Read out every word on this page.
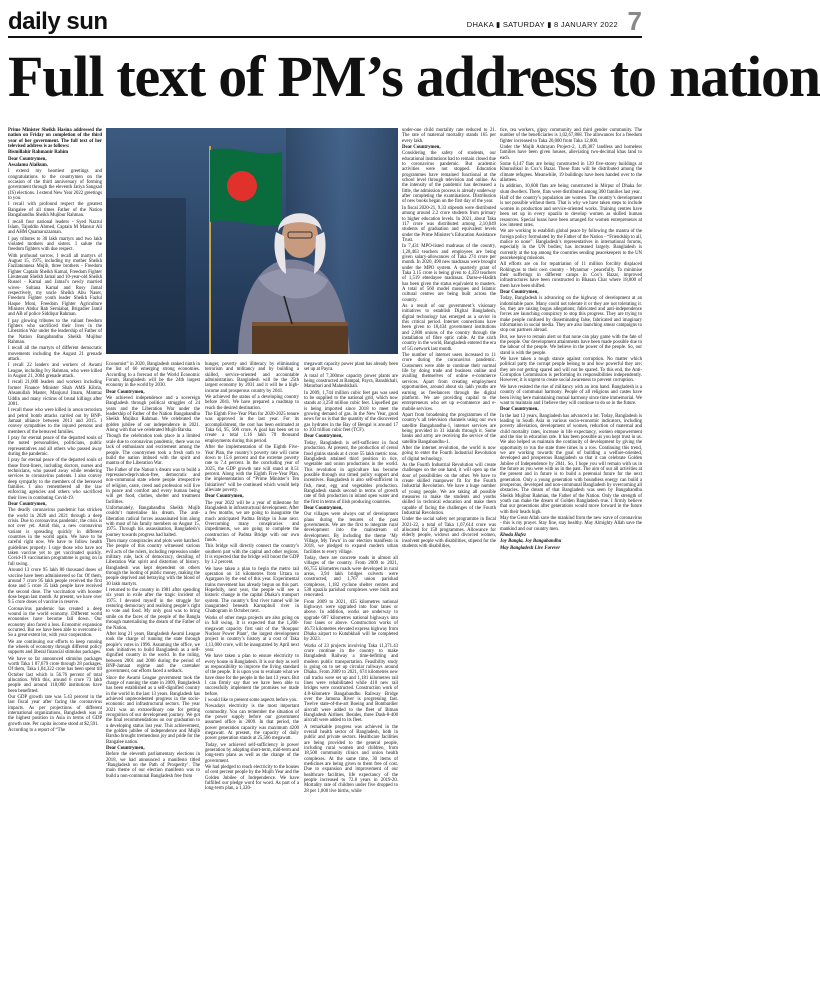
daily sun	DHAKA ▮ SATURDAY ▮ 8 JANUARY 2022 7
Full text of PM’s address to nation

Prime Minister Sheikh Hasina addressed the nation on Friday on completion of the third year of her government. The full text of her televised address is as follows:

Bismillahir Rahmanir Rahim

Dear Countrymen,

Assalamu Alaikum.

I extend my heartiest greetings and congratulations to the countrymen on the occasion of the third anniversary of forming government through the eleventh Jatiya Sangsad (JS) elections. I extend New Year 2022 greetings to you.

I recall with profound respect the greatest Bangalee of all times Father of the Nation Bangabandhu Sheikh Mujibur Rahman.

I recall four national leaders - Syed Nazrul Islam, Tajuddin Ahmed, Captain M Mansur Ali and AHM Quamaruzzaman.

I pay tributes to 30 lakh martyrs and two lakh violated mothers and sisters. I salute the freedom fighters with due respect.

With profound sorrow, I recall all martyrs of August 15, 1975, including my mother Sheikh Fazilatunnesa Mujib, three brothers - Freedom Fighter Captain Sheikh Kamal, Freedom Fighter Lieutenant Sheikh Jamal and 10-year-old Sheikh Russel - Kamal and Jamal’s newly married wives- Sultana Kamal and Rosy Jamal respectively, my uncle Sheikh Abu Naser, Freedom Fighter youth leader Sheikh Fazlul Haque Moni, Freedom Fighter Agriculture Minister Abdur Rab Serniabat, Brigadier Jamil and AB of police Siddiqur Rahman.

I pay glowing tributes to the valiant freedom fighters who sacrificed their lives in the Liberation War under the leadership of Father of the Nation Bangabandhu Sheikh Mujibur Rahman.

I recall all the martyrs of different democratic movements including the August 21 grenade attack.

I recall 22 leaders and workers of Awami League, including Ivy Rahman, who were killed in August 21, 2004 grenade attack.

I recall 21,000 leaders and workers including former Finance Minister Shah AMS Kibria, Ahsanullah Master, Manjurul Imam, Mamtaz Uddin and many victims of brutal killings after 2001.

I recall those who were killed in arson terrorism and petrol bomb attacks carried out by BNP-Jamaat alliance between 2013 and 2015. I convey sympathies to the injured persons and members of the bereaved families.

I pray for eternal peace of the departed souls of the noted personalities, politicians, public representatives and all others who passed away during the pandemic.

I pray for eternal peace of the departed souls of those front-liners, including doctors, nurses and technicians, who passed away while rendering services to coronavirus patients. I also convey deep sympathy to the members of the bereaved families. I also remembered all the law enforcing agencies and others who sacrificed their lives in combating Covid-19.

Dear Countrymen,

The deadly coronavirus pandemic has stricken the world in 2020 and 2021 through a deep crisis. Due to coronavirus pandemic, the crisis is not over yet. Amid this, a new coronavirus variant is spreading quickly in different countries in the world again. We have to be careful right now. We have to follow health guidelines properly. I urge those who have not taken vaccine yet to get vaccinated quickly. Covid-19 vaccination programme is going on in full swing.

Around 13 crore 95 lakh 80 thousand doses of vaccine have been administered so far. Of them, around 7 crore 95 lakh people received the first dose and 5 crore 35 lakh people have received the second dose. The vaccination with booster dose began last month. At present, we have over 9.5 crore doses of vaccine in reserve.

Coronavirus pandemic has created a deep wound in the world economy. Different world economies have become fall down. Our economy also faced a loss. Economic expansion occurred. But we have been able to overcome it. So a great extent lot, with your cooperation.

We are continuing our efforts to keep running the wheels of economy through different policy supports and liberal financial stimulus packages.

We have so far announced stimulus packages worth Taka 1 87,679 crore through 28 packages. Of them, Taka 1,04,322 crore has been spent till October last which is 56.76 percent of total allocation. With this, around 6 crore 73 lakh people and around 118,000 institutions have been benefitted.

Our GDP growth rate was 5.43 percent in the last fiscal year after facing the coronavirus impacts. As per projections of different international organizations, Bangladesh was at the highest position in Asia in terms of GDP growth rate. Per capita income stood at $2,591.

According to a report of “The

Economist” in 2020, Bangladesh ranked ninth in the list of 66 emerging strong economies. According to a forecast of the World Economic Forum, Bangladesh will be the 24th largest economy in the world by 2030.

Dear Countrymen,

We achieved independence and a sovereign Bangladesh through political struggles of 24 years and the Liberation War under the leadership of Father of the Nation Bangabandhu Sheikh Mujibur Rahman. We celebrated the golden jubilee of our independence in 2021. Along with that we celebrated Mujib Barsha.

Though the celebration took place in a limited scale due to coronavirus pandemic, there was no lack of enthusiasm and excitement among the people. The countrymen took a fresh oath to build the nation imbued with the spirit and mantra of the Liberation War.

The Father of the Nation’s dream was to build a repression-deprivation-free, democratic and non-communal state where people irrespective of religion, caste, creed and profession will live in peace and comfort and every human being will get food, clothes, shelter and treatment facilities.

Unfortunately, Bangabandhu Sheikh Mujib couldn’t materialise his dream. The anti-liberation radical forces assassinated him along with most of his family members on August 15, 1975. Through his assassination, Bangladesh’s journey towards progress had halted.

Then many conspiracies and plots were hatched. The people of this country witnessed various evil acts of the rulers, including repression under military rule, lack of democracy, derailing of Liberation War spirit and distortion of history. Bangladesh was kept dependent on others through the looting of public money, making the people deprived and betraying with the blood of 30 lakh martyrs.

I returned to the country in 1981 after spending six years in exile after the tragic incident of 1975. I devoted myself in the struggle for restoring democracy and realising people’s right to vote and food. My only goal was to bring smile on the faces of the people of the Bangla through materialising the dream of the Father of the Nation.

After long 21 years, Bangladesh Awami League took the charge of running the state through people’s votes in 1996. Assuming the office, we took initiatives to build Bangladesh as a self-dignified country in the world. In the ruling, between 2001 and 2006 during the period of BNP-Jamaat regime and the caretaker government, our efforts faced a setback.

Since the Awami League government took the charge of running the state in 2009, Bangladesh has been established as a self-dignified country in the world in the last 13 years. Bangladesh has achieved unprecedented progress in the socio-economic and infrastructural sectors. The year 2021 was an extraordinary one for getting recognition of our development journey. We got the final recommendations on our graduation to a developing status last year. This achievement, the golden jubilee of independence and Mujib Barsho brought tremendous joy and pride for the Bangalee nation.

Dear Countrymen,

Before the eleventh parliamentary elections in 2018, we had announced a manifesto titled ‘Bangladesh on the Path of Prosperity’. The main theme of our election manifesto was to build a non-communal Bangladesh free from

hunger, poverty and illiteracy by eliminating terrorism and militancy and by building a skilled, service-oriented and accountable administration. Bangladesh will be the 25th largest economy by 2031 and it will be a high-income and prosperous country by 2041.

We achieved the status of a developing country before 2041. We have prepared a roadmap to reach the desired destination.

The Eighth Five-Year Plan for 2020-2025 tenure was approved in the last year. For its accomplishment, the cost has been estimated at Taka 64, 95, 500 crore. A goal has been set to create a total 1.16 lakh 70 thousand employments during this period.

After the implementation of the Eighth Five-Year Plan, the country’s poverty rate will come down to 15.6 percent and the extreme poverty rate to 7.4 percent. In the concluding year of 2025, the GDP growth rate will stand at 8.51 percent. Along with the Eighth Five-Year Plan, the implementation of “Prime Minister’s Ten Initiatives” will be continued which would help alleviate poverty.

Dear Countrymen,

The year 2022 will be a year of milestone for Bangladesh in infrastructural development. After a few months, we are going to inaugurate the much anticipated Padma Bridge in June next. Overcoming many conspiracies and impediments, we are going to complete the construction of Padma Bridge with our own funds.

This bridge will directly connect the country’s southern part with the capital and other regions. It is expected that the bridge will boost the GDP by 1.2 percent.

We have taken a plan to begin the metro rail operation on 14 kilometres from Uttara to Agargaon by the end of this year. Experimental trains movement has already begun on this part. Hopefully, next year, the people will see a historic change in the capital Dhaka’s transport system. The country’s first river tunnel will be inaugurated beneath Karnaphuli river in Chattogram in October next.

Works of other mega projects are also going on in full swing. It is expected that the 1,200-megawatt capacity first unit of the ‘Rooppur Nuclear Power Plant’, the largest development project in country’s history at a cost of Taka 1,13,000 crore, will be inaugurated by April next year.

We have taken a plan to ensure electricity to every house in Bangladesh. It is our duty as well as responsibility to improve the living standard of the people. It is upon you to evaluate what we have done for the people in the last 13 years. But I can firmly say that we have been able to successfully implement the promises we made before.

I would like to present some aspects before you.

Nowadays electricity is the most important commodity. You can remember the situation of the power supply before our government assumed office in 2009. In that period, the power generation capacity was maximum 4200 megawatt. At present, the capacity of daily power generation stands at 25,566 megawatt.

Today, we achieved self-sufficiency in power generation by adopting short-term, mid-term and long-term plans as well as the change of the government.

We had pledged to reach electricity to the houses of cent percent people by the Mujib Year and the Golden Jubilee of Independence. We have fulfilled our pledge word for word. As part of a long-term plan, a 1,320-

megawatt capacity power plant has already been set up at Payra.

A total of 7,300mw capacity power plants are being constructed at Rampal, Payra, Banshkhali, Matarbari and Maheshkhali.

In 2009, 1,744 million cubic feet gas was used to be supplied to the national grid, which now stands at 3,250 million cubic feet. Liquefied gas is being imported since 2018 to meet the growing demand of gas. In the New Year, good news for us is that the quantity of the discovered gas hydrates in the Bay of Bengal is around 17 to 103 trillion cubic feet (TCF).

Dear Countrymen,

Today, Bangladesh is self-sufficient in food production. At present, the production of cereal food grains stands at 4 crore 55 lakh metric tons. Bangladesh attained third position in rice, vegetable and onion productions in the world. This revolution in agriculture has become possible through our timed policy support and incentives. Bangladesh is also self-sufficient in fish, meat, egg and vegetables production. Bangladesh stands second in terms of growth rate of fish production in inland open water and the first in terms of ilish producing countries.

Dear Countrymen,

Our villages were always out of development plans during the tenures of the past governments. We are the first to integrate rural development into the mainstream of development. By including the theme ‘My Village, My Town’ in our election manifesto in 2018, we pledged to expand modern urban facilities to every village.

Today, there are concrete roads in almost all villages of the country. From 2009 to 2021, 66,755 kilometres roads were developed in rural areas, 3,94 lakh bridges culverts were constructed, and 1,767 union parishad complexes, 1,182 cyclone shelter centres and 530 upazila parishad complexes were built and renovated.

From 2009 to 2021, 435 kilometres national highways were upgraded into four lanes or above. In addition, works are underway to upgrade 687 kilometres national highways into four lanes or above. Construction works of 46.73 kilometres elevated express highway from Dhaka airport to Kutubkhali will be completed by 2023.

Works of 23 projects involving Taka 11,371.43 crore continue in the country to make Bangladesh Railway a time-befitting and modern public transportation. Feasibility study is going on to set up circular railways around Dhaka. From 2009 to 2021, 674 kilometres new rail tracks were set up and 1,181 kilometres rail lines were rehabilitated while 410 new rail bridges were constructed. Construction work of 4.8-kilometre Bangabandhu Railway Bridge over the Jamuna River is progressing fast. Twelve state-of-the-art Boeing and Bombardier aircraft were added to the fleet of Biman Bangladesh Airlines. Besides, three Dash-8-400 aircraft were added to its fleet.

A remarkable progress was achieved in the overall health sector of Bangladesh, both in public and private sectors. Healthcare facilities are being provided to the general people, including rural women and children, from 18,500 community clinics and union health complexes. At the same time, 30 items of medicines are being given to them free of cost. Due to expansion and improvement of our healthcare facilities, life expectancy of the people increased to 72.8 years in 2019-20. Mortality rate of children under five dropped to 28 per 1,000 live births, while

under-one child mortality rate reduced to 21. The rate of maternal mortality stands 165 per every lakh.

Dear Countrymen,

Considering the safety of students, our educational institutions had to remain closed due to coronavirus pandemic. But academic activities were not stopped. Education programmes have remained functional at the school level through television and online. As the intensity of the pandemic has decreased a little, the admission process is already underway after completing the examinations. Distribution of new books began on the first day of the year.

In fiscal 2020-21, 9.33 stipends were distributed among around 2.2 crore students from primary to higher education levels. In 2021, about Taka 117 crore was distributed among 2,10,049 students of graduation and equivalent levels under the Prime Minister’s Education Assistance Trust.

In 7,431 MPO-listed madrasas of the country, 1,28,463 teachers and employees are being given salary-allowances of Taka 274 crore per month. In 2020, 490 new madrasas were brought under the MPO system. A quarterly grant of Taka 3.15 crore is being given to 4,359 teachers of 1,519 ebtedayee madrasas. Darse-e-Hadith has been given the status equivalent to masters. A total of 560 model mosques and Islamic cultural centres are being built across the country.

As a result of our government’s visionary initiatives to establish Digital Bangladesh, digital technology has emerged as a savior in this critical period. Internet connections have been given to 18,434 government institutions and 2,800 unions of the country through the installation of fibre optic cable. At the sixth country in the world, Bangladesh entered the era of 5G network last month.

The number of internet users increased to 11 crore during the coronavirus pandemic. Customers were able to continue their normal life by doing trade and business online and availing themselves of online e-commerce services. Apart from creating employment opportunities, around about six lakh youths are earning as freelancers through the digital platform. We are providing capital to the entrepreneurs who set up e-commerce and e-mobile services.

Apart from broadening the programmes of the country’s all television channels using our own satellite Bangabandhu-1, internet services are being provided in 31 islands through it. Some banks and army are receiving the service of the satellite Bangabandhu-1.

After the internet revolution, the world is now going to enter the Fourth Industrial Revolution of digital technology.

As the Fourth Industrial Revolution will create challenges on the one hand, it will open up the door of possibilities on the other. We have to create skilled manpower fit for the Fourth Industrial Revolution. We have a huge number of young people. We are taking all possible measures to make the students and youths skilled in technical education and make them capable of facing the challenges of the Fourth Industrial Revolution.

Under the social safety net programme in fiscal 2021-22, a total of Taka 1,07,614 crore was allocated for 158 programmes. Allowance for elderly people, widows and divorced women, insolvent people with disabilities, stipend for the students with disabilities,

tice, tea workers, gipsy community and third gender community. The number of the beneficiaries is 1,02,67,868. The allowances for a freedom fighter increased to Taka 20,000 from Taka 12,000.

Under the Mujib Ashrayan Project-2, 1,49,387 landless and homeless families have been given houses, alleviating two-decimal khas land to each.

Some 6,147 flats are being constructed in 139 five-storey buildings at Khurushkul in Cox’s Bazar. These flats will be distributed among the climate refugees. Meanwhile, 19 buildings have been handed over to the allottees.

In addition, 10,608 flats are being constructed in Mirpur of Dhaka for slum dwellers. There, flats were distributed among 300 families last year.

Half of the country’s population are women. The country’s development is not possible without them. That is why we have taken steps to include women in production and service-oriented works. Training centres have been set up in every upazila to develop women as skilled human resources. Special loans have been arranged for women entrepreneurs at low interest rates.

We are working to establish global peace by following the mantra of the foreign policy formulated by the Father of the Nation - “Friendship to all, malice to none”. Bangladesh’s representatives in international forums, especially in the UN bodies, has increased largely. Bangladesh is currently at the top among the countries sending peacekeepers to the UN peacekeeping missions.

All efforts are on for repatriation of 11 million forcibly displaced Rohingyas to their own country - Myanmar - peacefully. To minimise their sufferings in different camps in Cox’s Bazar, improved infrastructures have been constructed in Bhasan Char where 18,000 of them have been shifted.

Dear Countrymen,

Today, Bangladesh is advancing on the highway of development at an indomitable pace. Many could not tolerate it or they are not tolerating it. So, they are raising bogus allegations; fabricated and anti-independence forces are launching conspiracy to stop this progress. They are trying to make people confused by disseminating false, fabricated and imaginary information in social media. They are also launching smear campaigns to stop our partners abroad.

But, we have to remain alert so that none can play game with the fate of the people. Our development attainments have been made possible due to the labour of the people. We believe in the power of the people. So, our stand is with the people.

We have taken a tough stance against corruption. No matter which political party the corrupt people belong to and how powerful they are; they are not getting spared and will not be spared. To this end, the Anti-Corruption Commission is performing its responsibilities independently. However, it is urgent to create social awareness to prevent corruption.

We have resisted the rise of militancy with an iron hand. Bangladesh is a country of communal harmony. People of all religions and castes have been living here maintaining mutual harmony since time immemorial. We want to maintain and I believe they will continue to do so in the future.

Dear Countrymen,

In the last 13 years, Bangladesh has advanced a lot. Today, Bangladesh is leading in South Asia in various socio-economic indicators, including poverty alleviation, development of women, reduction of maternal and child mortality rates, increase in life expectancy, women empowerment and the rise in education rate. It has been possible as you kept trust in us. We also helped us maintain the continuity of development by giving the opportunity to run the state three times in a row. Continuing this trend, we are working towards the goal of building a welfare-oriented, developed and prosperous Bangladesh so that it can celebrate Golden Jubilee of Independence by 2041. So, I hope you will remain with us in the future as you were with us in the past. The aim of our all activities at the present and in future is to build a perennial future for the next generation. Only a young generation with boundless energy can build a prosperous, developed and non-communal Bangladesh by overcoming all obstacles. The dream of that Bangladesh was seen by Bangabandhu Sheikh Mujibur Rahman, the Father of the Nation. Only the strength of youth can make the dream of Golden Bangladesh true. I firmly believe that our generations after generations would move forward in the future with their heads high.

May the Great Allah save the mankind from the new wave of coronavirus - this is my prayer. Stay fine, stay healthy. May Almighty Allah save the mankind and our country men.

Khoda Hafez

Joy Bangla, Joy Bangabandhu

May Bangladesh Live Forever
